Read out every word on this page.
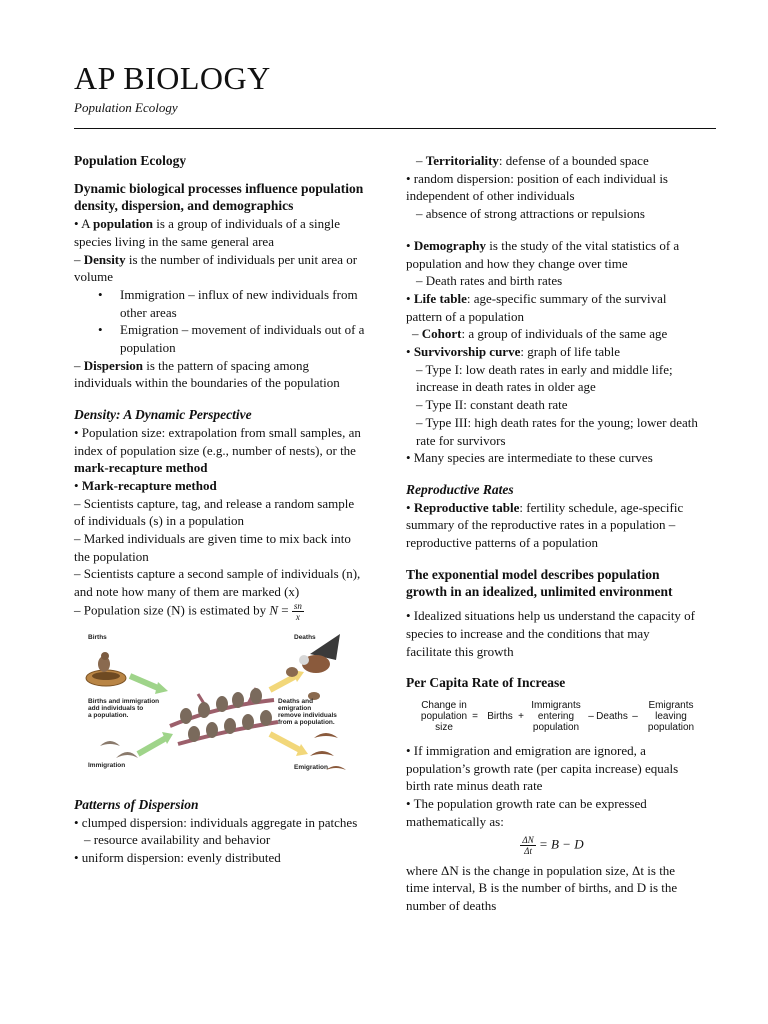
AP BIOLOGY
Population Ecology

Population Ecology

Dynamic biological processes influence population density, dispersion, and demographics

• A population is a group of individuals of a single species living in the same general area

– Density is the number of individuals per unit area or volume

• Immigration – influx of new individuals from other areas
• Emigration – movement of individuals out of a population

– Dispersion is the pattern of spacing among individuals within the boundaries of the population

Density: A Dynamic Perspective

• Population size: extrapolation from small samples, an index of population size (e.g., number of nests), or the mark-recapture method

• Mark-recapture method

– Scientists capture, tag, and release a random sample of individuals (s) in a population

– Marked individuals are given time to mix back into the population

– Scientists capture a second sample of individuals (n), and note how many of them are marked (x)

– Population size (N) is estimated by $N = \frac{sn}{x}$

Births	Deaths
Births and immigration
add individuals to
a population.
Deaths and emigration
remove individuals
from a population.
Immigration	Emigration

Patterns of Dispersion

• clumped dispersion: individuals aggregate in patches

– resource availability and behavior

• uniform dispersion: evenly distributed

– Territoriality: defense of a bounded space

• random dispersion: position of each individual is independent of other individuals

– absence of strong attractions or repulsions

• Demography is the study of the vital statistics of a population and how they change over time

– Death rates and birth rates

• Life table: age-specific summary of the survival pattern of a population

– Cohort: a group of individuals of the same age

• Survivorship curve: graph of life table

– Type I: low death rates in early and middle life; increase in death rates in older age

– Type II: constant death rate

– Type III: high death rates for the young; lower death rate for survivors

• Many species are intermediate to these curves

Reproductive Rates

• Reproductive table: fertility schedule, age-specific summary of the reproductive rates in a population – reproductive patterns of a population

The exponential model describes population growth in an idealized, unlimited environment

• Idealized situations help us understand the capacity of species to increase and the conditions that may facilitate this growth

Per Capita Rate of Increase

Change in
population
size
= Births +
Immigrants
entering
population
– Deaths –
Emigrants
leaving
population

• If immigration and emigration are ignored, a population’s growth rate (per capita increase) equals birth rate minus death rate

• The population growth rate can be expressed mathematically as:

$\frac{\Delta N}{\Delta t} = B - D$

where ΔN is the change in population size, Δt is the time interval, B is the number of births, and D is the number of deaths
